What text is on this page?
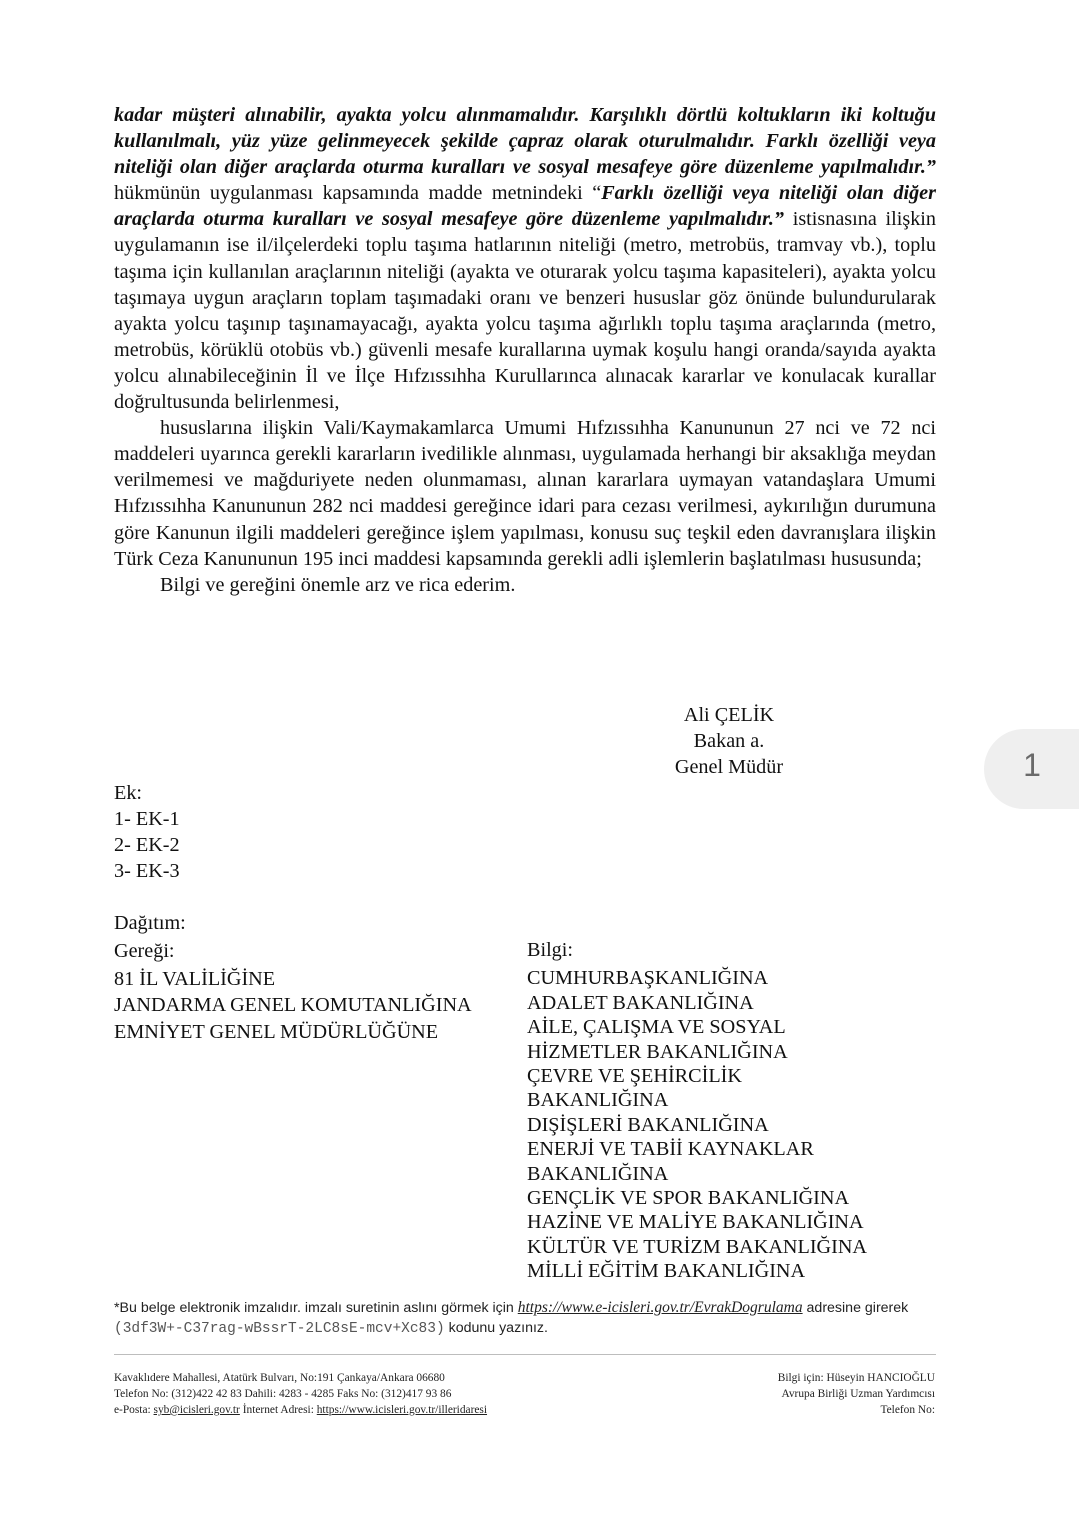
kadar müşteri alınabilir, ayakta yolcu alınmamalıdır. Karşılıklı dörtlü koltukların iki koltuğu kullanılmalı, yüz yüze gelinmeyecek şekilde çapraz olarak oturulmalıdır. Farklı özelliği veya niteliği olan diğer araçlarda oturma kuralları ve sosyal mesafeye göre düzenleme yapılmalıdır.” hükmünün uygulanması kapsamında madde metnindeki “Farklı özelliği veya niteliği olan diğer araçlarda oturma kuralları ve sosyal mesafeye göre düzenleme yapılmalıdır.” istisnasına ilişkin uygulamanın ise il/ilçelerdeki toplu taşıma hatlarının niteliği (metro, metrobüs, tramvay vb.), toplu taşıma için kullanılan araçlarının niteliği (ayakta ve oturarak yolcu taşıma kapasiteleri), ayakta yolcu taşımaya uygun araçların toplam taşımadaki oranı ve benzeri hususlar göz önünde bulundurularak ayakta yolcu taşınıp taşınamayacağı, ayakta yolcu taşıma ağırlıklı toplu taşıma araçlarında (metro, metrobüs, körüklü otobüs vb.) güvenli mesafe kurallarına uymak koşulu hangi oranda/sayıda ayakta yolcu alınabileceğinin İl ve İlçe Hıfzıssıhha Kurullarınca alınacak kararlar ve konulacak kurallar doğrultusunda belirlenmesi,

hususlarına ilişkin Vali/Kaymakamlarca Umumi Hıfzıssıhha Kanununun 27 nci ve 72 nci maddeleri uyarınca gerekli kararların ivedilikle alınması, uygulamada herhangi bir aksaklığa meydan verilmemesi ve mağduriyete neden olunmaması, alınan kararlara uymayan vatandaşlara Umumi Hıfzıssıhha Kanununun 282 nci maddesi gereğince idari para cezası verilmesi, aykırılığın durumuna göre Kanunun ilgili maddeleri gereğince işlem yapılması, konusu suç teşkil eden davranışlara ilişkin Türk Ceza Kanununun 195 inci maddesi kapsamında gerekli adli işlemlerin başlatılması hususunda;

Bilgi ve gereğini önemle arz ve rica ederim.

Ali ÇELİK
Bakan a.
Genel Müdür	1
Ek:
1- EK-1
2- EK-2
3- EK-3
Dağıtım:
Gereği:
81 İL VALİLİĞİNE
JANDARMA GENEL KOMUTANLIĞINA
EMNİYET GENEL MÜDÜRLÜĞÜNE
Bilgi:
CUMHURBAŞKANLIĞINA
ADALET BAKANLIĞINA
AİLE, ÇALIŞMA VE SOSYAL
HİZMETLER BAKANLIĞINA
ÇEVRE VE ŞEHİRCİLİK
BAKANLIĞINA
DIŞİŞLERİ BAKANLIĞINA
ENERJİ VE TABİİ KAYNAKLAR
BAKANLIĞINA
GENÇLİK VE SPOR BAKANLIĞINA
HAZİNE VE MALİYE BAKANLIĞINA
KÜLTÜR VE TURİZM BAKANLIĞINA
MİLLİ EĞİTİM BAKANLIĞINA
*Bu belge elektronik imzalıdır. imzalı suretinin aslını görmek için https://www.e-icisleri.gov.tr/EvrakDogrulama adresine girerek (3df3W+-C37rag-wBssrT-2LC8sE-mcv+Xc83) kodunu yazınız.
Kavaklıdere Mahallesi, Atatürk Bulvarı, No:191 Çankaya/Ankara 06680
Telefon No: (312)422 42 83 Dahili: 4283 - 4285 Faks No: (312)417 93 86
e-Posta: syb@icisleri.gov.tr İnternet Adresi: https://www.icisleri.gov.tr/illeridaresi
Bilgi için: Hüseyin HANCIOĞLU
Avrupa Birliği Uzman Yardımcısı
Telefon No:
